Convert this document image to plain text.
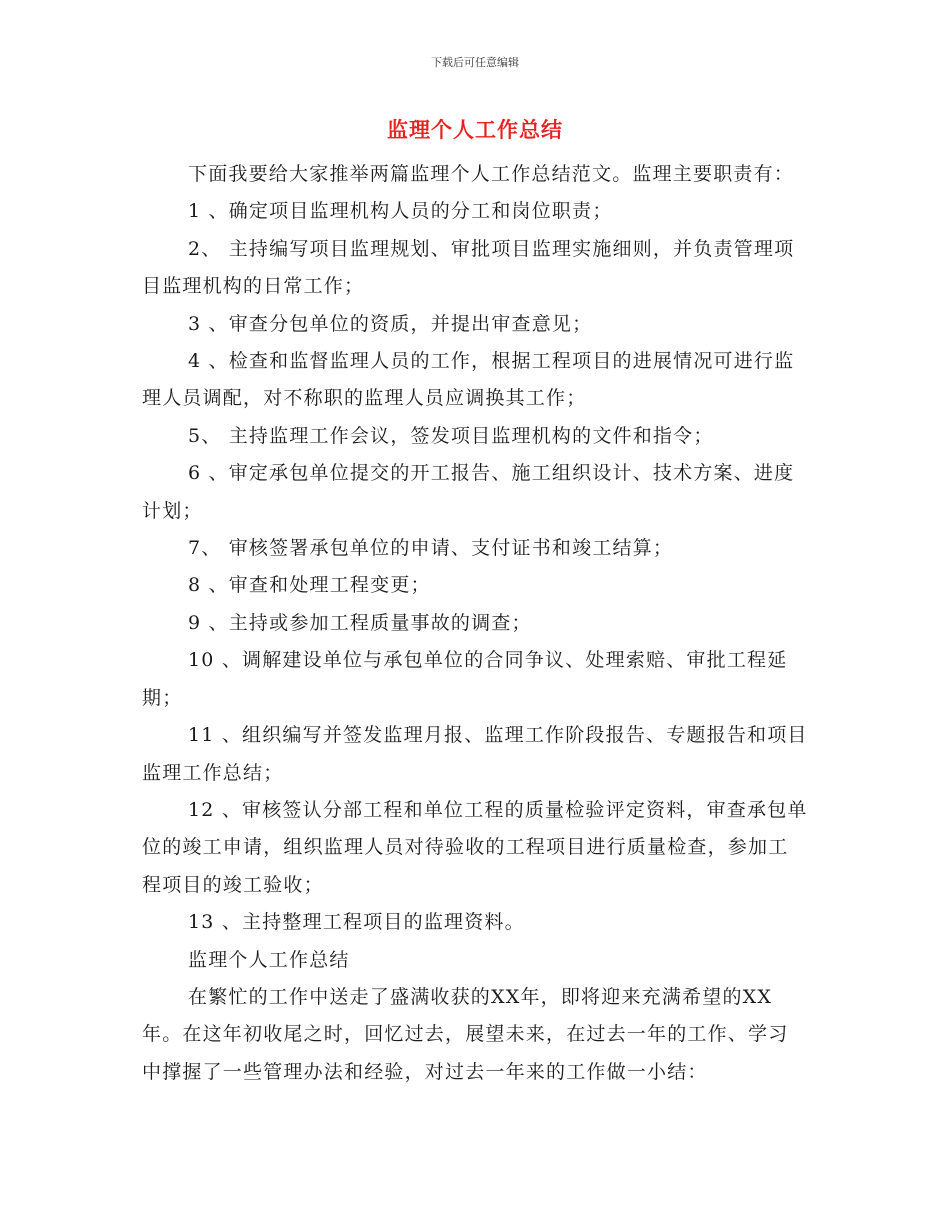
下载后可任意编辑
监理个人工作总结

下面我要给大家推举两篇监理个人工作总结范文。监理主要职责有：

1 、确定项目监理机构人员的分工和岗位职责；

2、 主持编写项目监理规划、审批项目监理实施细则，并负责管理项目监理机构的日常工作；

3 、审查分包单位的资质，并提出审查意见；

4 、检查和监督监理人员的工作，根据工程项目的进展情况可进行监理人员调配，对不称职的监理人员应调换其工作；

5、 主持监理工作会议，签发项目监理机构的文件和指令；

6 、审定承包单位提交的开工报告、施工组织设计、技术方案、进度计划；

7、 审核签署承包单位的申请、支付证书和竣工结算；

8 、审查和处理工程变更；

9 、主持或参加工程质量事故的调查；

10 、调解建设单位与承包单位的合同争议、处理索赔、审批工程延期；

11 、组织编写并签发监理月报、监理工作阶段报告、专题报告和项目监理工作总结；

12 、审核签认分部工程和单位工程的质量检验评定资料，审查承包单位的竣工申请，组织监理人员对待验收的工程项目进行质量检查，参加工程项目的竣工验收；

13 、主持整理工程项目的监理资料。

监理个人工作总结

在繁忙的工作中送走了盛满收获的XX年，即将迎来充满希望的XX年。在这年初收尾之时，回忆过去，展望未来，在过去一年的工作、学习中撑握了一些管理办法和经验，对过去一年来的工作做一小结：
